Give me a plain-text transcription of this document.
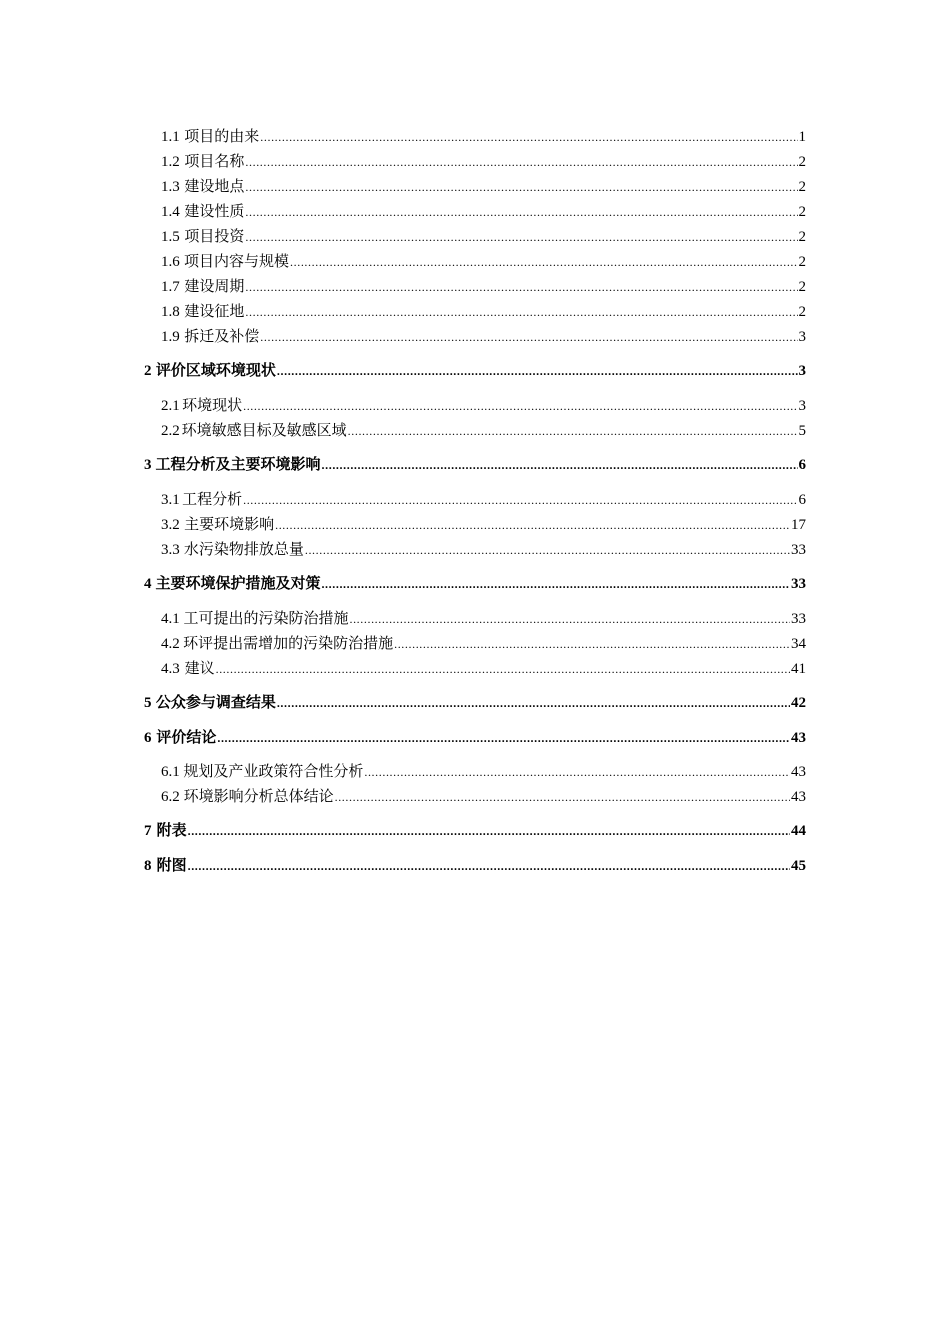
1.1 项目的由来 .....	1
1.2 项目名称 .....	2
1.3 建设地点 .....	2
1.4 建设性质 .....	2
1.5 项目投资 .....	2
1.6 项目内容与规模 .....	2
1.7 建设周期 .....	2
1.8 建设征地 .....	2
1.9 拆迁及补偿 .....	3
2 评价区域环境现状 .....	3
2.1 环境现状 .....	3
2.2 环境敏感目标及敏感区域 .....	5
3 工程分析及主要环境影响 .....	6
3.1 工程分析 .....	6
3.2 主要环境影响 .....	17
3.3 水污染物排放总量 .....	33
4 主要环境保护措施及对策 .....	33
4.1 工可提出的污染防治措施 .....	33
4.2 环评提出需增加的污染防治措施 .....	34
4.3 建议 .....	41
5 公众参与调查结果 .....	42
6 评价结论 .....	43
6.1 规划及产业政策符合性分析 .....	43
6.2 环境影响分析总体结论 .....	43
7 附表 .....	44
8 附图 .....	45
